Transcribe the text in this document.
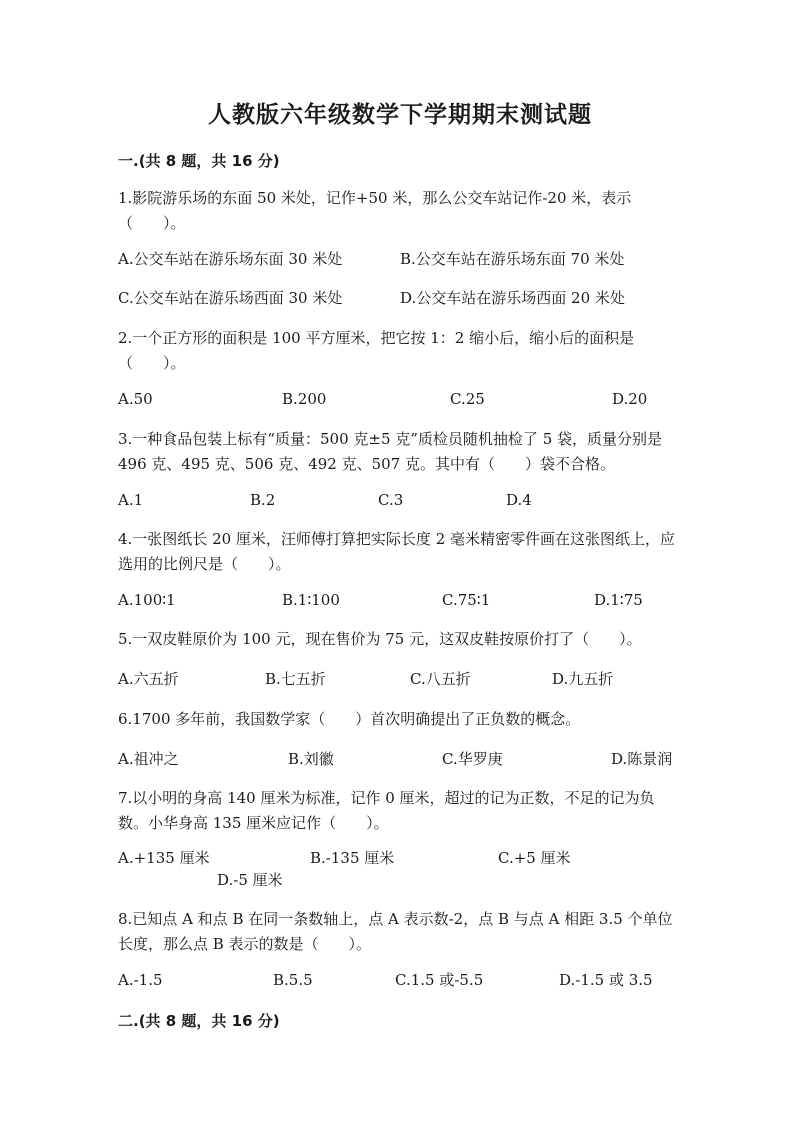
人教版六年级数学下学期期末测试题
一.(共 8 题，共 16 分)
1.影院游乐场的东面 50 米处，记作+50 米，那么公交车站记作-20 米，表示（　　）。
A.公交车站在游乐场东面 30 米处	B.公交车站在游乐场东面 70 米处
C.公交车站在游乐场西面 30 米处	D.公交车站在游乐场西面 20 米处
2.一个正方形的面积是 100 平方厘米，把它按 1：2 缩小后，缩小后的面积是（　　）。
A.50	B.200	C.25	D.20
3.一种食品包装上标有“质量：500 克±5 克”质检员随机抽检了 5 袋，质量分别是 496 克、495 克、506 克、492 克、507 克。其中有（　　）袋不合格。
A.1	B.2	C.3	D.4
4.一张图纸长 20 厘米，汪师傅打算把实际长度 2 毫米精密零件画在这张图纸上，应选用的比例尺是（　　）。
A.100∶1	B.1∶100	C.75∶1	D.1∶75
5.一双皮鞋原价为 100 元，现在售价为 75 元，这双皮鞋按原价打了（　　）。
A.六五折	B.七五折	C.八五折	D.九五折
6.1700 多年前，我国数学家（　　）首次明确提出了正负数的概念。
A.祖冲之	B.刘徽	C.华罗庚	D.陈景润
7.以小明的身高 140 厘米为标准，记作 0 厘米，超过的记为正数，不足的记为负数。小华身高 135 厘米应记作（　　）。
A.+135 厘米	B.-135 厘米	C.+5 厘米
D.-5 厘米
8.已知点 A 和点 B 在同一条数轴上，点 A 表示数-2，点 B 与点 A 相距 3.5 个单位长度，那么点 B 表示的数是（　　）。
A.-1.5	B.5.5	C.1.5 或-5.5	D.-1.5 或 3.5
二.(共 8 题，共 16 分)
